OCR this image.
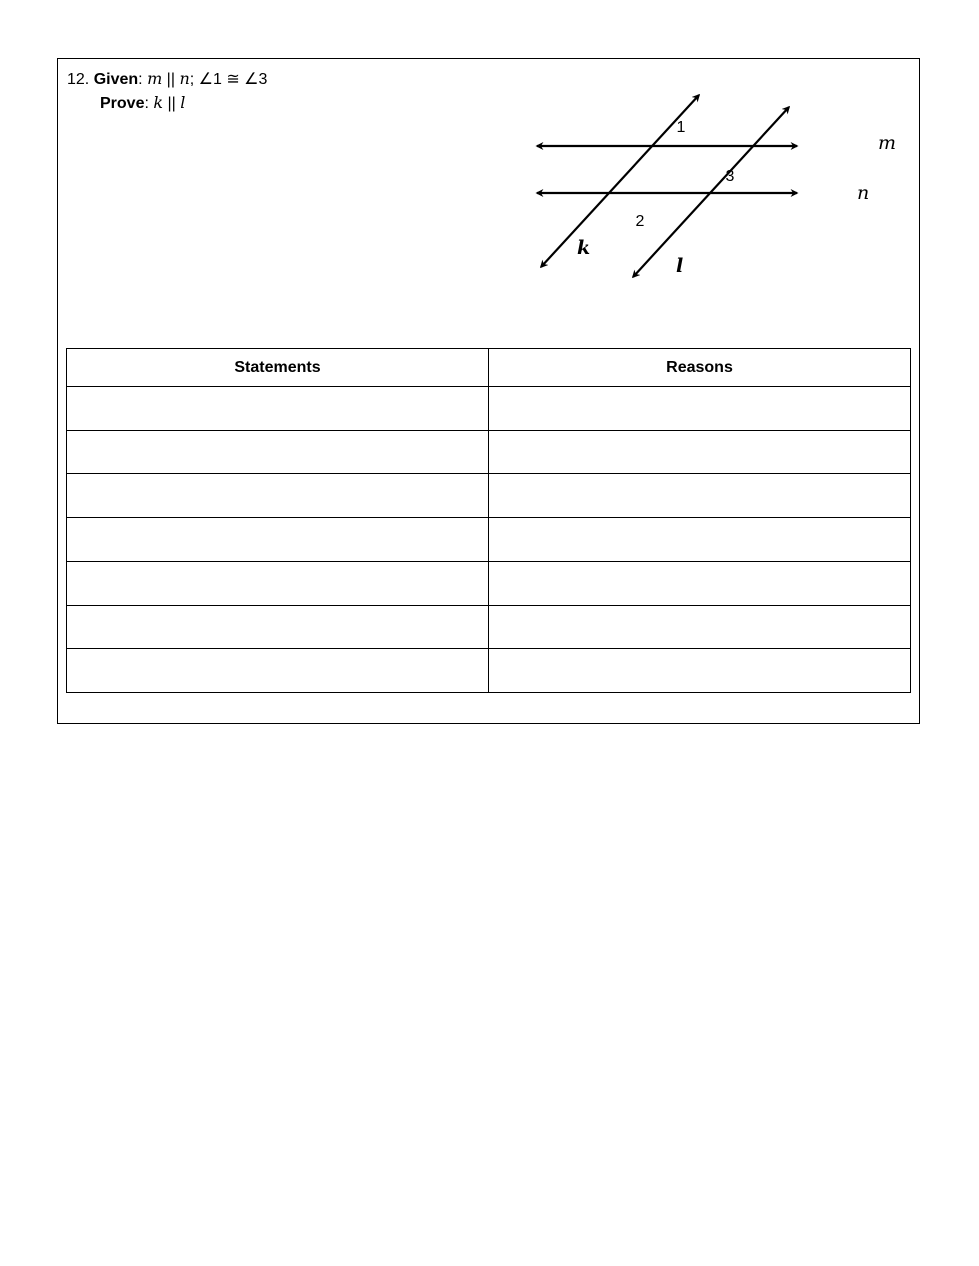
12. Given: m || n; ∠1 ≅ ∠3
Prove: k || l
1
2
3
m
n
k
l
Statements	Reasons
